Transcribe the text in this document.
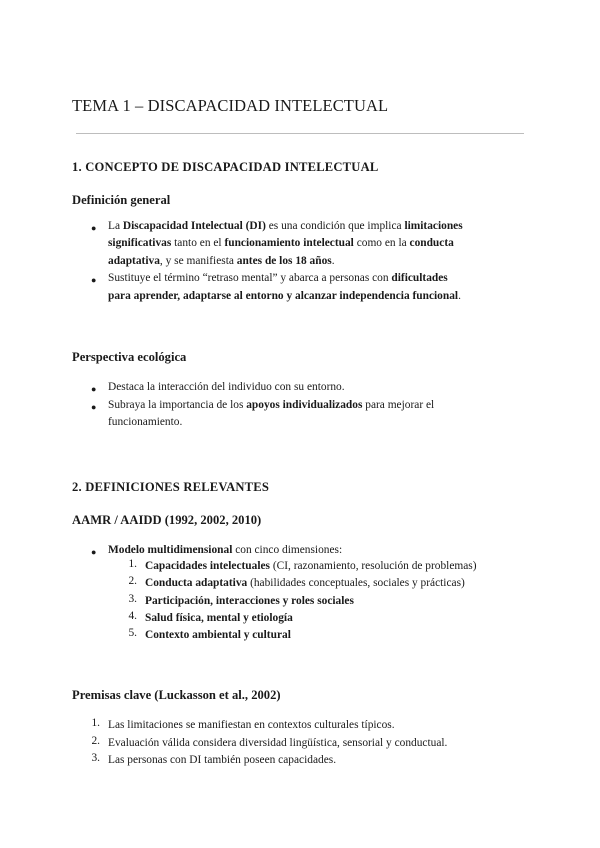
TEMA 1 – DISCAPACIDAD INTELECTUAL
1. CONCEPTO DE DISCAPACIDAD INTELECTUAL
Definición general
● La Discapacidad Intelectual (DI) es una condición que implica limitaciones
significativas tanto en el funcionamiento intelectual como en la conducta
adaptativa, y se manifiesta antes de los 18 años.
● Sustituye el término “retraso mental” y abarca a personas con dificultades
para aprender, adaptarse al entorno y alcanzar independencia funcional.
Perspectiva ecológica
● Destaca la interacción del individuo con su entorno.
● Subraya la importancia de los apoyos individualizados para mejorar el
funcionamiento.
2. DEFINICIONES RELEVANTES
AAMR / AAIDD (1992, 2002, 2010)
● Modelo multidimensional con cinco dimensiones:
1. Capacidades intelectuales (CI, razonamiento, resolución de problemas)
2. Conducta adaptativa (habilidades conceptuales, sociales y prácticas)
3. Participación, interacciones y roles sociales
4. Salud física, mental y etiología
5. Contexto ambiental y cultural
Premisas clave (Luckasson et al., 2002)
1. Las limitaciones se manifiestan en contextos culturales típicos.
2. Evaluación válida considera diversidad lingüística, sensorial y conductual.
3. Las personas con DI también poseen capacidades.
